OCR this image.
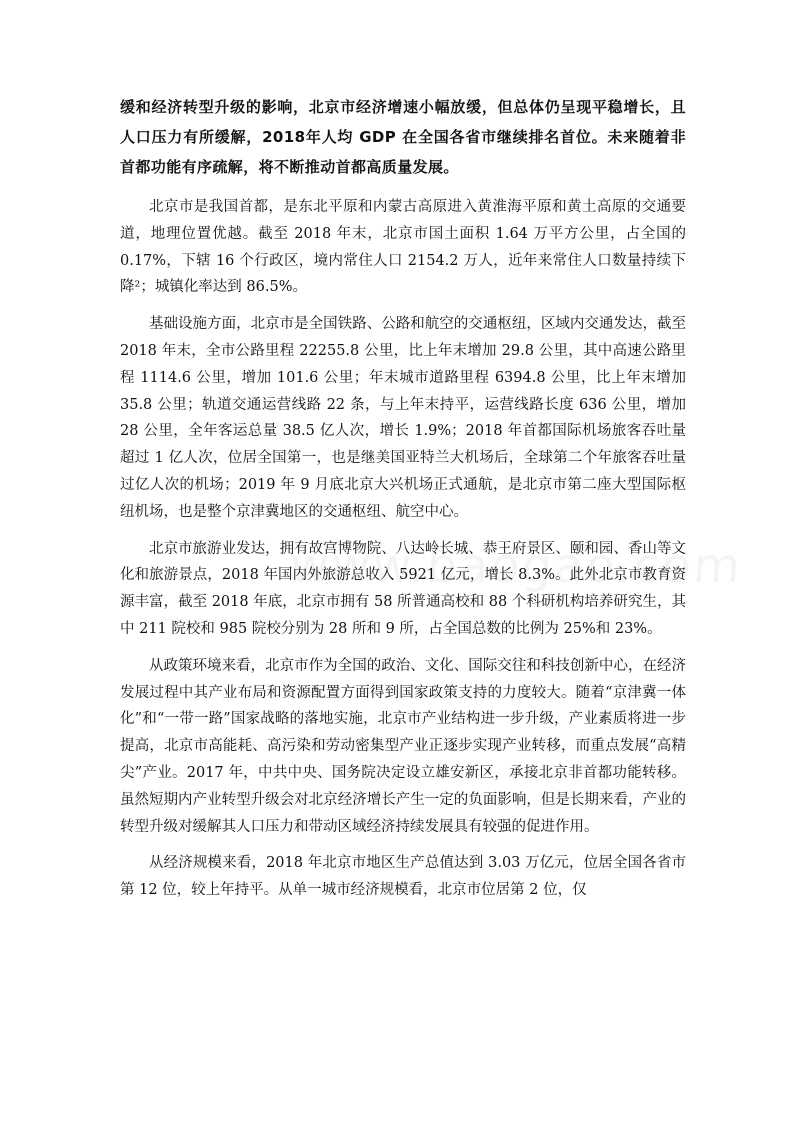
缓和经济转型升级的影响，北京市经济增速小幅放缓，但总体仍呈现平稳增长，且人口压力有所缓解，2018年人均 GDP 在全国各省市继续排名首位。未来随着非首都功能有序疏解，将不断推动首都高质量发展。

北京市是我国首都，是东北平原和内蒙古高原进入黄淮海平原和黄土高原的交通要道，地理位置优越。截至 2018 年末，北京市国土面积 1.64 万平方公里，占全国的 0.17%，下辖 16 个行政区，境内常住人口 2154.2 万人，近年来常住人口数量持续下降²；城镇化率达到 86.5%。

基础设施方面，北京市是全国铁路、公路和航空的交通枢纽，区域内交通发达，截至 2018 年末，全市公路里程 22255.8 公里，比上年末增加 29.8 公里，其中高速公路里程 1114.6 公里，增加 101.6 公里；年末城市道路里程 6394.8 公里，比上年末增加 35.8 公里；轨道交通运营线路 22 条，与上年末持平，运营线路长度 636 公里，增加 28 公里，全年客运总量 38.5 亿人次，增长 1.9%；2018 年首都国际机场旅客吞吐量超过 1 亿人次，位居全国第一，也是继美国亚特兰大机场后，全球第二个年旅客吞吐量过亿人次的机场；2019 年 9 月底北京大兴机场正式通航，是北京市第二座大型国际枢纽机场，也是整个京津冀地区的交通枢纽、航空中心。

北京市旅游业发达，拥有故宫博物院、八达岭长城、恭王府景区、颐和园、香山等文化和旅游景点，2018 年国内外旅游总收入 5921 亿元，增长 8.3%。此外北京市教育资源丰富，截至 2018 年底，北京市拥有 58 所普通高校和 88 个科研机构培养研究生，其中 211 院校和 985 院校分别为 28 所和 9 所，占全国总数的比例为 25%和 23%。

从政策环境来看，北京市作为全国的政治、文化、国际交往和科技创新中心，在经济发展过程中其产业布局和资源配置方面得到国家政策支持的力度较大。随着“京津冀一体化”和“一带一路”国家战略的落地实施，北京市产业结构进一步升级，产业素质将进一步提高，北京市高能耗、高污染和劳动密集型产业正逐步实现产业转移，而重点发展“高精尖”产业。2017 年，中共中央、国务院决定设立雄安新区，承接北京非首都功能转移。虽然短期内产业转型升级会对北京经济增长产生一定的负面影响，但是长期来看，产业的转型升级对缓解其人口压力和带动区域经济持续发展具有较强的促进作用。

从经济规模来看，2018 年北京市地区生产总值达到 3.03 万亿元，位居全国各省市第 12 位，较上年持平。从单一城市经济规模看，北京市位居第 2 位，仅
